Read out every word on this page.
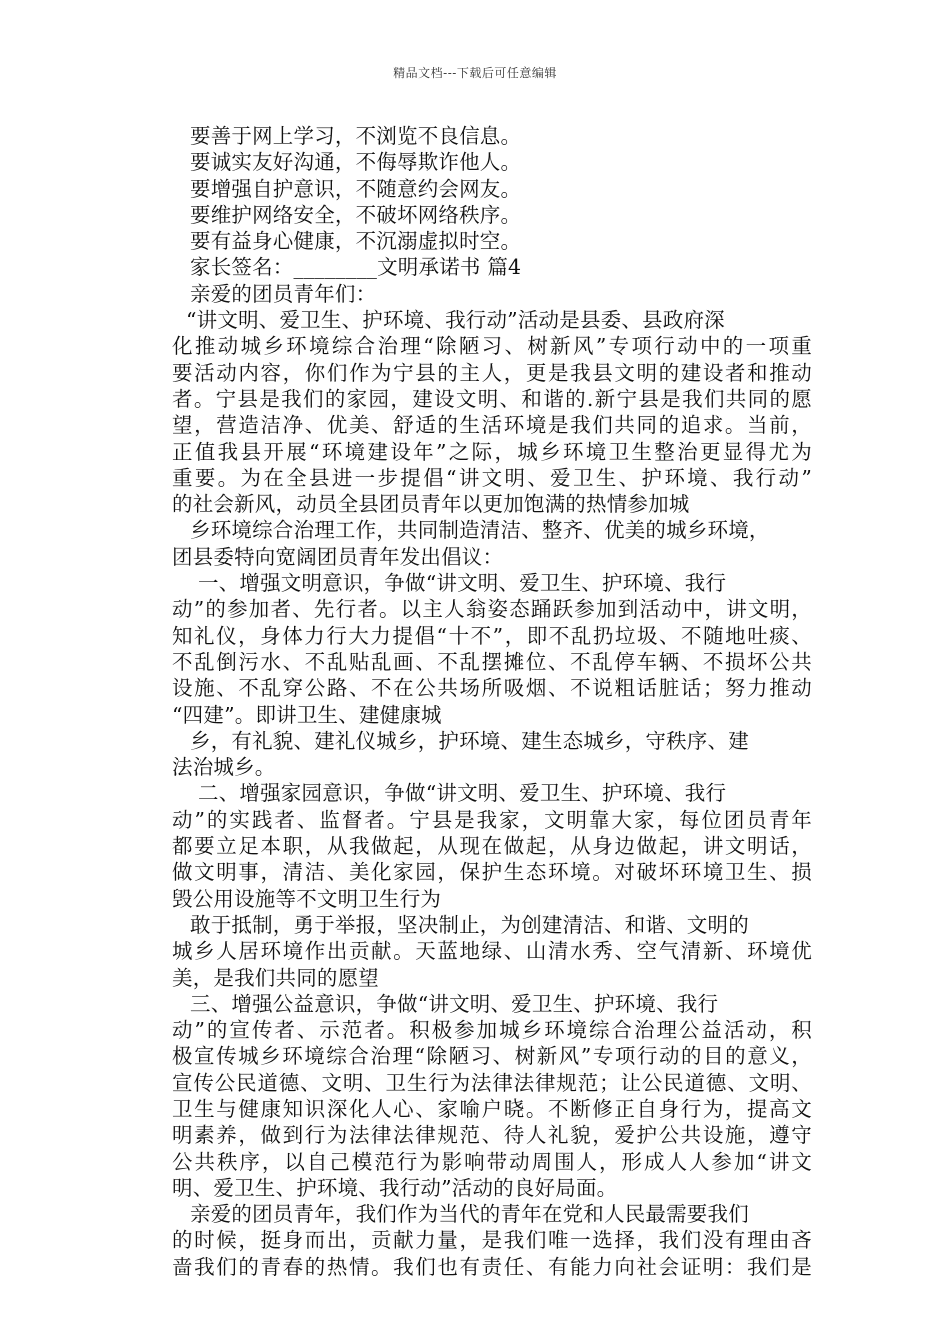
精品文档---下载后可任意编辑
要善于网上学习，不浏览不良信息。
要诚实友好沟通，不侮辱欺诈他人。
要增强自护意识，不随意约会网友。
要维护网络安全，不破坏网络秩序。
要有益身心健康，不沉溺虚拟时空。
家长签名：________文明承诺书 篇4
亲爱的团员青年们：
“讲文明、爱卫生、护环境、我行动”活动是县委、县政府深
化推动城乡环境综合治理“除陋习、树新风”专项行动中的一项重
要活动内容，你们作为宁县的主人，更是我县文明的建设者和推动
者。宁县是我们的家园，建设文明、和谐的.新宁县是我们共同的愿
望，营造洁净、优美、舒适的生活环境是我们共同的追求。当前，
正值我县开展“环境建设年”之际，城乡环境卫生整治更显得尤为
重要。为在全县进一步提倡“讲文明、爱卫生、护环境、我行动”
的社会新风，动员全县团员青年以更加饱满的热情参加城
乡环境综合治理工作，共同制造清洁、整齐、优美的城乡环境，
团县委特向宽阔团员青年发出倡议：
一、增强文明意识，争做“讲文明、爱卫生、护环境、我行
动”的参加者、先行者。以主人翁姿态踊跃参加到活动中，讲文明，
知礼仪，身体力行大力提倡“十不”，即不乱扔垃圾、不随地吐痰、
不乱倒污水、不乱贴乱画、不乱摆摊位、不乱停车辆、不损坏公共
设施、不乱穿公路、不在公共场所吸烟、不说粗话脏话；努力推动
“四建”。即讲卫生、建健康城
乡，有礼貌、建礼仪城乡，护环境、建生态城乡，守秩序、建
法治城乡。
二、增强家园意识，争做“讲文明、爱卫生、护环境、我行
动”的实践者、监督者。宁县是我家，文明靠大家，每位团员青年
都要立足本职，从我做起，从现在做起，从身边做起，讲文明话，
做文明事，清洁、美化家园，保护生态环境。对破坏环境卫生、损
毁公用设施等不文明卫生行为
敢于抵制，勇于举报，坚决制止，为创建清洁、和谐、文明的
城乡人居环境作出贡献。天蓝地绿、山清水秀、空气清新、环境优
美，是我们共同的愿望
三、增强公益意识，争做“讲文明、爱卫生、护环境、我行
动”的宣传者、示范者。积极参加城乡环境综合治理公益活动，积
极宣传城乡环境综合治理“除陋习、树新风”专项行动的目的意义，
宣传公民道德、文明、卫生行为法律法律规范；让公民道德、文明、
卫生与健康知识深化人心、家喻户晓。不断修正自身行为，提高文
明素养，做到行为法律法律规范、待人礼貌，爱护公共设施，遵守
公共秩序，以自己模范行为影响带动周围人，形成人人参加“讲文
明、爱卫生、护环境、我行动”活动的良好局面。
亲爱的团员青年，我们作为当代的青年在党和人民最需要我们
的时候，挺身而出，贡献力量，是我们唯一选择，我们没有理由吝
啬我们的青春的热情。我们也有责任、有能力向社会证明：我们是
